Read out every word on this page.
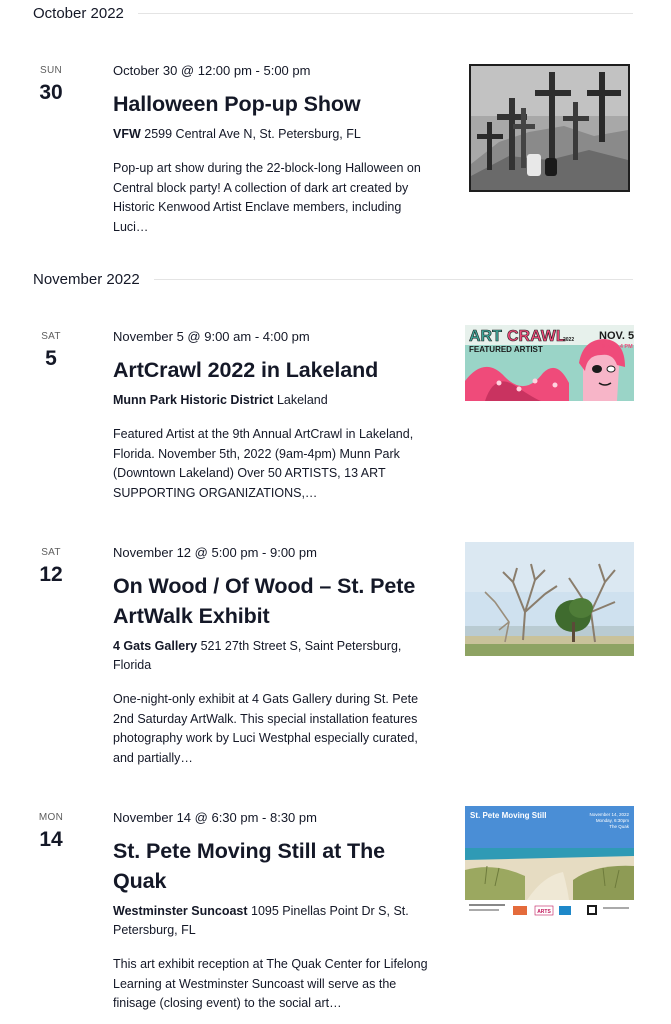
October 2022
SUN
30
October 30 @ 12:00 pm - 5:00 pm
Halloween Pop-up Show
VFW 2599 Central Ave N, St. Petersburg, FL
Pop-up art show during the 22-block-long Halloween on Central block party! A collection of dark art created by Historic Kenwood Artist Enclave members, including Luci…
November 2022
SAT
5
November 5 @ 9:00 am - 4:00 pm
ArtCrawl 2022 in Lakeland
Munn Park Historic District Lakeland
Featured Artist at the 9th Annual ArtCrawl in Lakeland, Florida. November 5th, 2022 (9am-4pm) Munn Park (Downtown Lakeland) Over 50 ARTISTS, 13 ART SUPPORTING ORGANIZATIONS,…
ART CRAWL
2022
FEATURED ARTIST
NOV. 5
9 AM - 4 PM
SAT
12
November 12 @ 5:00 pm - 9:00 pm
On Wood / Of Wood – St. Pete ArtWalk Exhibit
4 Gats Gallery 521 27th Street S, Saint Petersburg, Florida
One-night-only exhibit at 4 Gats Gallery during St. Pete 2nd Saturday ArtWalk. This special installation features photography work by Luci Westphal especially curated, and partially…
MON
14
November 14 @ 6:30 pm - 8:30 pm
St. Pete Moving Still at The Quak
Westminster Suncoast 1095 Pinellas Point Dr S, St. Petersburg, FL
This art exhibit reception at The Quak Center for Lifelong Learning at Westminster Suncoast will serve as the finisage (closing event) to the social art…
St. Pete Moving Still	November 14, 2022
Monday, 6:30pm
The Quak
ARTS
